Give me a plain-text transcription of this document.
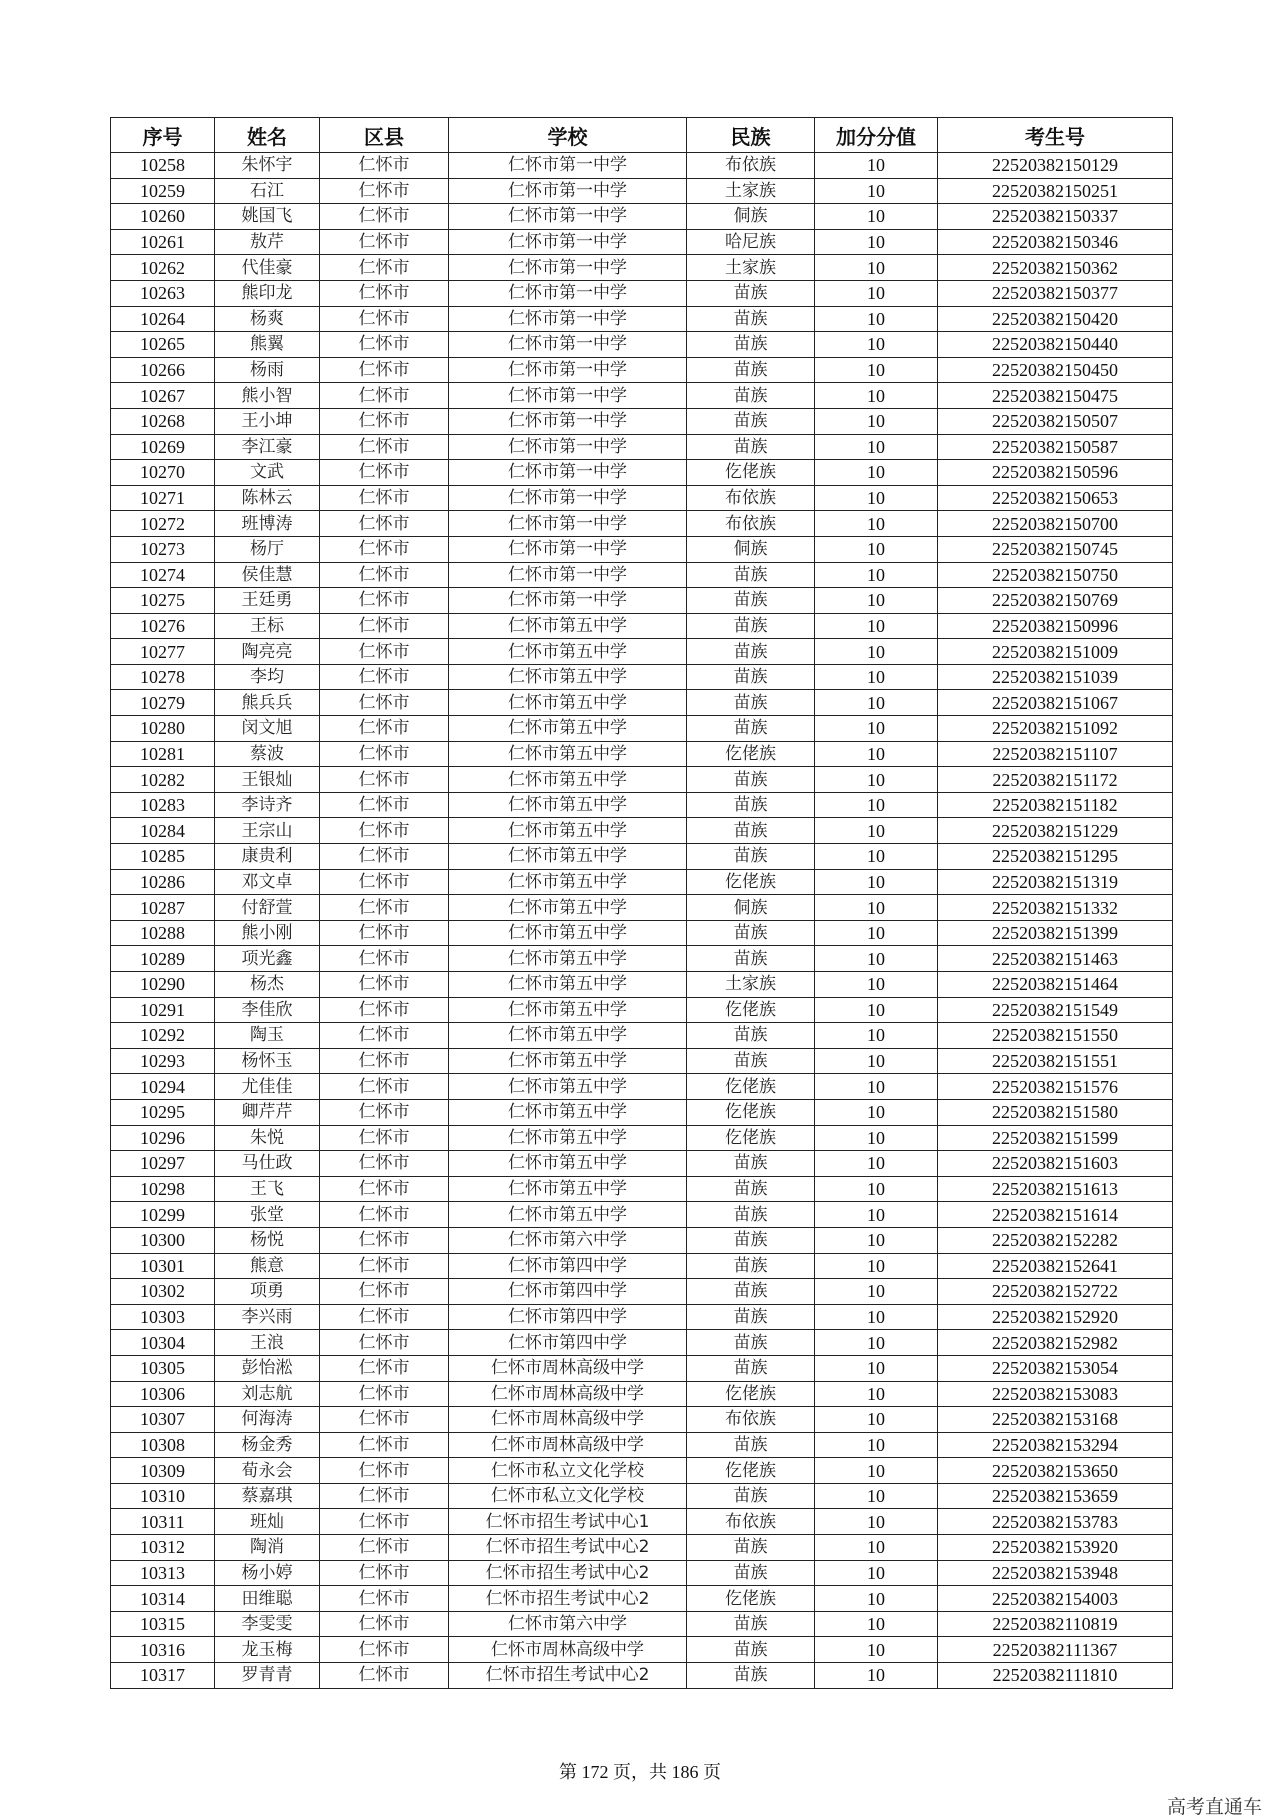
序号	姓名	区县	学校	民族	加分分值	考生号
10258	朱怀宇	仁怀市	仁怀市第一中学	布依族	10	22520382150129
10259	石江	仁怀市	仁怀市第一中学	土家族	10	22520382150251
10260	姚国飞	仁怀市	仁怀市第一中学	侗族	10	22520382150337
10261	敖芹	仁怀市	仁怀市第一中学	哈尼族	10	22520382150346
10262	代佳豪	仁怀市	仁怀市第一中学	土家族	10	22520382150362
10263	熊印龙	仁怀市	仁怀市第一中学	苗族	10	22520382150377
10264	杨爽	仁怀市	仁怀市第一中学	苗族	10	22520382150420
10265	熊翼	仁怀市	仁怀市第一中学	苗族	10	22520382150440
10266	杨雨	仁怀市	仁怀市第一中学	苗族	10	22520382150450
10267	熊小智	仁怀市	仁怀市第一中学	苗族	10	22520382150475
10268	王小坤	仁怀市	仁怀市第一中学	苗族	10	22520382150507
10269	李江豪	仁怀市	仁怀市第一中学	苗族	10	22520382150587
10270	文武	仁怀市	仁怀市第一中学	仡佬族	10	22520382150596
10271	陈林云	仁怀市	仁怀市第一中学	布依族	10	22520382150653
10272	班博涛	仁怀市	仁怀市第一中学	布依族	10	22520382150700
10273	杨厅	仁怀市	仁怀市第一中学	侗族	10	22520382150745
10274	侯佳慧	仁怀市	仁怀市第一中学	苗族	10	22520382150750
10275	王廷勇	仁怀市	仁怀市第一中学	苗族	10	22520382150769
10276	王标	仁怀市	仁怀市第五中学	苗族	10	22520382150996
10277	陶亮亮	仁怀市	仁怀市第五中学	苗族	10	22520382151009
10278	李均	仁怀市	仁怀市第五中学	苗族	10	22520382151039
10279	熊兵兵	仁怀市	仁怀市第五中学	苗族	10	22520382151067
10280	闵文旭	仁怀市	仁怀市第五中学	苗族	10	22520382151092
10281	蔡波	仁怀市	仁怀市第五中学	仡佬族	10	22520382151107
10282	王银灿	仁怀市	仁怀市第五中学	苗族	10	22520382151172
10283	李诗齐	仁怀市	仁怀市第五中学	苗族	10	22520382151182
10284	王宗山	仁怀市	仁怀市第五中学	苗族	10	22520382151229
10285	康贵利	仁怀市	仁怀市第五中学	苗族	10	22520382151295
10286	邓文卓	仁怀市	仁怀市第五中学	仡佬族	10	22520382151319
10287	付舒萱	仁怀市	仁怀市第五中学	侗族	10	22520382151332
10288	熊小刚	仁怀市	仁怀市第五中学	苗族	10	22520382151399
10289	项光鑫	仁怀市	仁怀市第五中学	苗族	10	22520382151463
10290	杨杰	仁怀市	仁怀市第五中学	土家族	10	22520382151464
10291	李佳欣	仁怀市	仁怀市第五中学	仡佬族	10	22520382151549
10292	陶玉	仁怀市	仁怀市第五中学	苗族	10	22520382151550
10293	杨怀玉	仁怀市	仁怀市第五中学	苗族	10	22520382151551
10294	尤佳佳	仁怀市	仁怀市第五中学	仡佬族	10	22520382151576
10295	卿芹芹	仁怀市	仁怀市第五中学	仡佬族	10	22520382151580
10296	朱悦	仁怀市	仁怀市第五中学	仡佬族	10	22520382151599
10297	马仕政	仁怀市	仁怀市第五中学	苗族	10	22520382151603
10298	王飞	仁怀市	仁怀市第五中学	苗族	10	22520382151613
10299	张堂	仁怀市	仁怀市第五中学	苗族	10	22520382151614
10300	杨悦	仁怀市	仁怀市第六中学	苗族	10	22520382152282
10301	熊意	仁怀市	仁怀市第四中学	苗族	10	22520382152641
10302	项勇	仁怀市	仁怀市第四中学	苗族	10	22520382152722
10303	李兴雨	仁怀市	仁怀市第四中学	苗族	10	22520382152920
10304	王浪	仁怀市	仁怀市第四中学	苗族	10	22520382152982
10305	彭怡淞	仁怀市	仁怀市周林高级中学	苗族	10	22520382153054
10306	刘志航	仁怀市	仁怀市周林高级中学	仡佬族	10	22520382153083
10307	何海涛	仁怀市	仁怀市周林高级中学	布依族	10	22520382153168
10308	杨金秀	仁怀市	仁怀市周林高级中学	苗族	10	22520382153294
10309	荀永会	仁怀市	仁怀市私立文化学校	仡佬族	10	22520382153650
10310	蔡嘉琪	仁怀市	仁怀市私立文化学校	苗族	10	22520382153659
10311	班灿	仁怀市	仁怀市招生考试中心1	布依族	10	22520382153783
10312	陶消	仁怀市	仁怀市招生考试中心2	苗族	10	22520382153920
10313	杨小婷	仁怀市	仁怀市招生考试中心2	苗族	10	22520382153948
10314	田维聪	仁怀市	仁怀市招生考试中心2	仡佬族	10	22520382154003
10315	李雯雯	仁怀市	仁怀市第六中学	苗族	10	22520382110819
10316	龙玉梅	仁怀市	仁怀市周林高级中学	苗族	10	22520382111367
10317	罗青青	仁怀市	仁怀市招生考试中心2	苗族	10	22520382111810
第 172 页，共 186 页
高考直通车
